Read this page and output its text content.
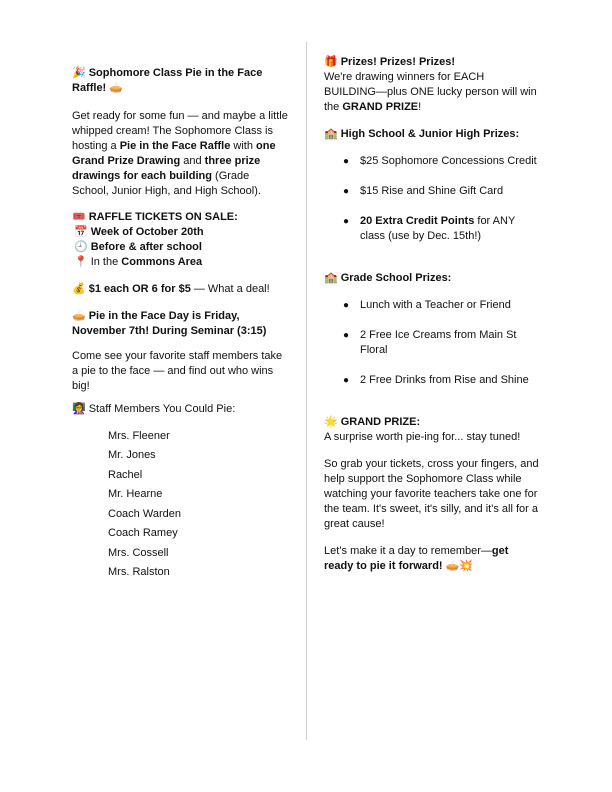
🎉 Sophomore Class Pie in the Face

Raffle! 🥧

Get ready for some fun — and maybe a little

whipped cream! The Sophomore Class is

hosting a Pie in the Face Raffle with one

Grand Prize Drawing and three prize

drawings for each building (Grade

School, Junior High, and High School).

🎟️ RAFFLE TICKETS ON SALE:

📅 Week of October 20th

🕘 Before & after school

📍 In the Commons Area

💰 $1 each OR 6 for $5 — What a deal!

🥧 Pie in the Face Day is Friday,

November 7th! During Seminar (3:15)

Come see your favorite staff members take

a pie to the face — and find out who wins

big!

👩‍🏫 Staff Members You Could Pie:

Mrs. Fleener
Mr. Jones
Rachel
Mr. Hearne
Coach Warden
Coach Ramey
Mrs. Cossell
Mrs. Ralston

🎁 Prizes! Prizes! Prizes!

We're drawing winners for EACH

BUILDING—plus ONE lucky person will win

the GRAND PRIZE!

🏫 High School & Junior High Prizes:

● $25 Sophomore Concessions Credit
● $15 Rise and Shine Gift Card
● 20 Extra Credit Points for ANY
class (use by Dec. 15th!)

🏫 Grade School Prizes:

● Lunch with a Teacher or Friend
● 2 Free Ice Creams from Main St
Floral
● 2 Free Drinks from Rise and Shine

🌟 GRAND PRIZE:

A surprise worth pie-ing for... stay tuned!

So grab your tickets, cross your fingers, and

help support the Sophomore Class while

watching your favorite teachers take one for

the team. It's sweet, it's silly, and it's all for a

great cause!

Let’s make it a day to remember—get

ready to pie it forward! 🥧💥
